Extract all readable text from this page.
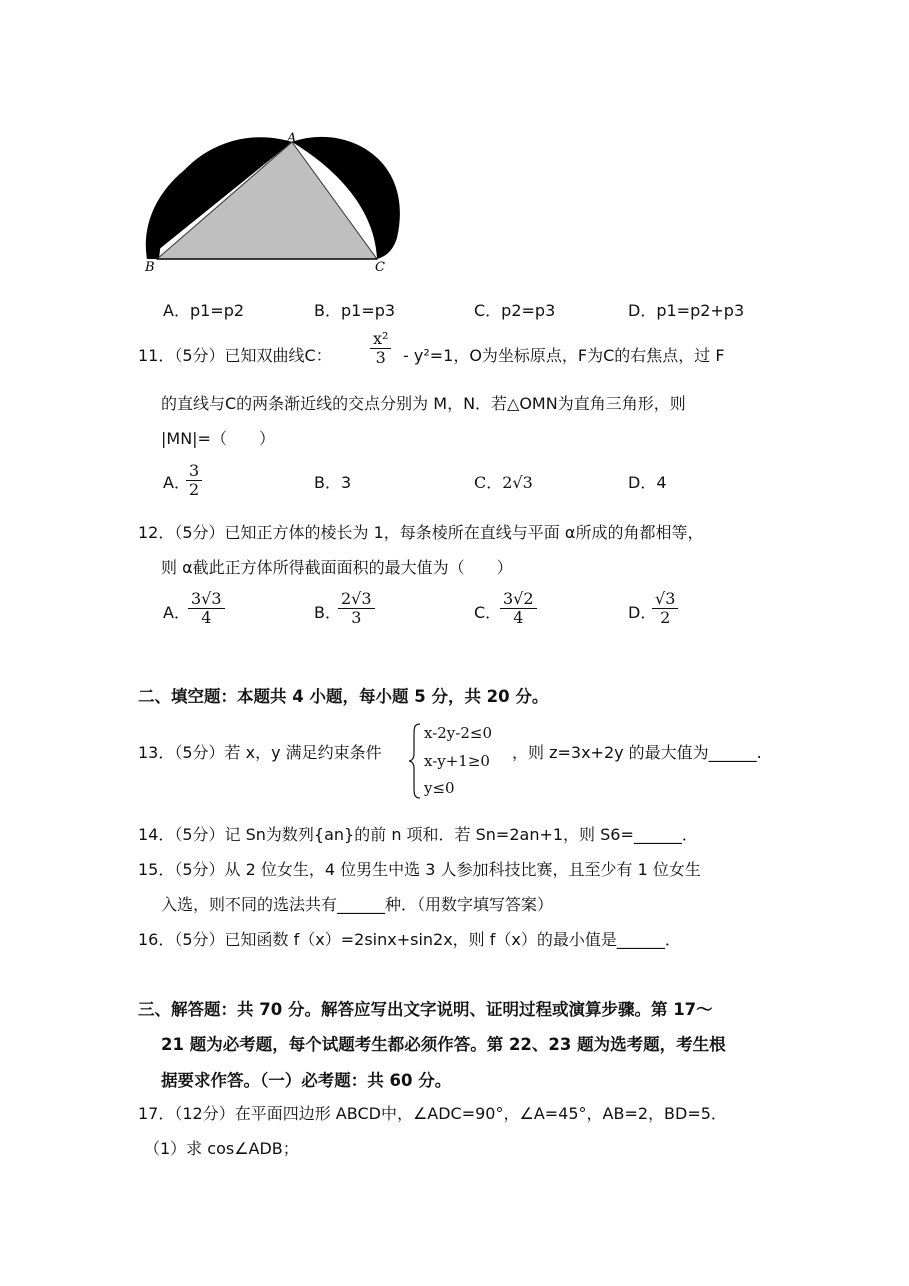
A
B	C
A．p1=p2	B．p1=p3	C．p2=p3	D．p1=p2+p3
11．（5分）已知双曲线C： $\frac{\text{x²}}{3} - y^2=1$，O为坐标原点，F为C的右焦点，过 F
的直线与C的两条渐近线的交点分别为 M，N．若△OMN为直角三角形，则
|MN|=（　　）
A．
$\frac{3}{2}$	B．3	C．2√3	D．4
12．（5分）已知正方体的棱长为 1，每条棱所在直线与平面 α所成的角都相等，
则 α截此正方体所得截面面积的最大值为（　　）
A．
$\frac{3√3}{4}$	B．
$\frac{2√3}{3}$	C．
$\frac{3√2}{4}$	D．
$\frac{√3}{2}$
二、填空题：本题共 4 小题，每小题 5 分，共 20 分。
13．（5分）若 x，y 满足约束条件
x-2y-2≤0
x-y+1≥0
y≤0
，则 z=3x+2y 的最大值为______.
14．（5分）记 Sn为数列{an}的前 n 项和．若 Sn=2an+1，则 S6=______．
15．（5分）从 2 位女生，4 位男生中选 3 人参加科技比赛，且至少有 1 位女生
入选，则不同的选法共有______种．（用数字填写答案）
16．（5分）已知函数 f（x）=2sinx+sin2x，则 f（x）的最小值是______．
三、解答题：共 70 分。解答应写出文字说明、证明过程或演算步骤。第 17～
21 题为必考题，每个试题考生都必须作答。第 22、23 题为选考题，考生根
据要求作答。（一）必考题：共 60 分。
17．（12分）在平面四边形 ABCD中，∠ADC=90°，∠A=45°，AB=2，BD=5．
（1）求 cos∠ADB；
